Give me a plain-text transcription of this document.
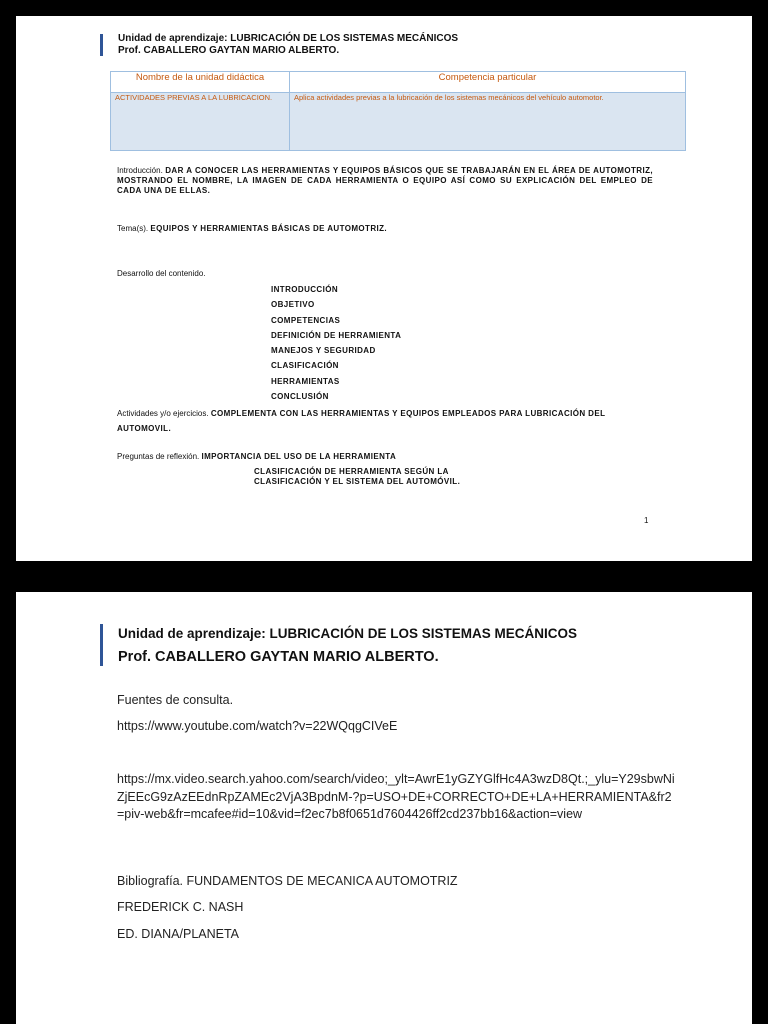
Unidad de aprendizaje: LUBRICACIÓN DE LOS SISTEMAS MECÁNICOS
Prof. CABALLERO GAYTAN MARIO ALBERTO.
Nombre de la unidad didáctica	Competencia particular
ACTIVIDADES PREVIAS A LA LUBRICACION.	Aplica actividades previas a la lubricación de los sistemas mecánicos del vehículo automotor.
Introducción. DAR A CONOCER LAS HERRAMIENTAS Y EQUIPOS BÁSICOS QUE SE TRABAJARÁN EN EL ÁREA DE AUTOMOTRIZ, MOSTRANDO EL NOMBRE, LA IMAGEN DE CADA HERRAMIENTA O EQUIPO ASÍ COMO SU EXPLICACIÓN DEL EMPLEO DE CADA UNA DE ELLAS.
Tema(s). EQUIPOS Y HERRAMIENTAS BÁSICAS DE AUTOMOTRIZ.
Desarrollo del contenido.
INTRODUCCIÓN
OBJETIVO
COMPETENCIAS
DEFINICIÓN DE HERRAMIENTA
MANEJOS Y SEGURIDAD
CLASIFICACIÓN
HERRAMIENTAS
CONCLUSIÓN
Actividades y/o ejercicios. COMPLEMENTA CON LAS HERRAMIENTAS Y EQUIPOS EMPLEADOS PARA LUBRICACIÓN DEL AUTOMOVIL.
Preguntas de reflexión. IMPORTANCIA DEL USO DE LA HERRAMIENTA
CLASIFICACIÓN DE HERRAMIENTA SEGÚN LA
CLASIFICACIÓN Y EL SISTEMA DEL AUTOMÓVIL.
1
Unidad de aprendizaje: LUBRICACIÓN DE LOS SISTEMAS MECÁNICOS
Prof. CABALLERO GAYTAN MARIO ALBERTO.
Fuentes de consulta.
https://www.youtube.com/watch?v=22WQqgCIVeE
https://mx.video.search.yahoo.com/search/video;_ylt=AwrE1yGZYGlfHc4A3wzD8Qt.;_ylu=Y29sbwNiZjEEcG9zAzEEdnRpZAMEc2VjA3BpdnM-?p=USO+DE+CORRECTO+DE+LA+HERRAMIENTA&fr2=piv-web&fr=mcafee#id=10&vid=f2ec7b8f0651d7604426ff2cd237bb16&action=view
Bibliografía. FUNDAMENTOS DE MECANICA AUTOMOTRIZ
FREDERICK C. NASH
ED. DIANA/PLANETA
